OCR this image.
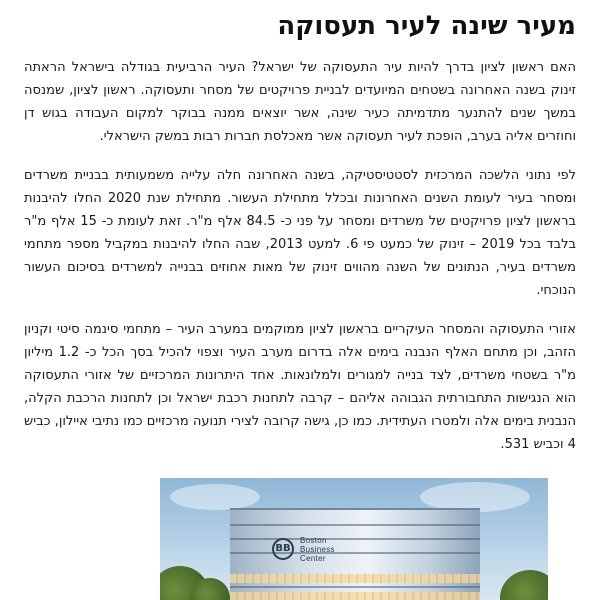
מעיר שינה לעיר תעסוקה

האם ראשון לציון בדרך להיות עיר התעסוקה של ישראל? העיר הרביעית בגודלה בישראל הראתה זינוק בשנה האחרונה בשטחים המיועדים לבניית פרויקטים של מסחר ותעסוקה. ראשון לציון, שמנסה במשך שנים להתנער מתדמיתה כעיר שינה, אשר יוצאים ממנה בבוקר למקום העבודה בגוש דן וחוזרים אליה בערב, הופכת לעיר תעסוקה אשר מאכלסת חברות רבות במשק הישראלי.

לפי נתוני הלשכה המרכזית לסטטיסטיקה, בשנה האחרונה חלה עלייה משמעותית בבניית משרדים ומסחר בעיר לעומת השנים האחרונות ובכלל מתחילת העשור. מתחילת שנת 2020 החלו להיבנות בראשון לציון פרויקטים של משרדים ומסחר על פני כ- 84.5 אלף מ"ר. זאת לעומת כ- 15 אלף מ"ר בלבד בכל 2019 – זינוק של כמעט פי 6. למעט 2013, שבה החלו להיבנות במקביל מספר מתחמי משרדים בעיר, הנתונים של השנה מהווים זינוק של מאות אחוזים בבנייה למשרדים בסיכום העשור הנוכחי.

אזורי התעסוקה והמסחר העיקריים בראשון לציון ממוקמים במערב העיר – מתחמי סינמה סיטי וקניון הזהב, וכן מתחם האלף הנבנה בימים אלה בדרום מערב העיר וצפוי להכיל בסך הכל כ- 1.2 מיליון מ"ר בשטחי משרדים, לצד בנייה למגורים ולמלונאות. אחד היתרונות המרכזיים של אזורי התעסוקה הוא הנגישות התחבורתית הגבוהה אליהם – קרבה לתחנות רכבת ישראל וכן לתחנות הרכבת הקלה, הנבנית בימים אלה ולמטרו העתידית. כמו כן, גישה קרובה לצירי תנועה מרכזיים כמו נתיבי איילון, כביש 4 וכביש 531.

BB
Boston
Business
Center
